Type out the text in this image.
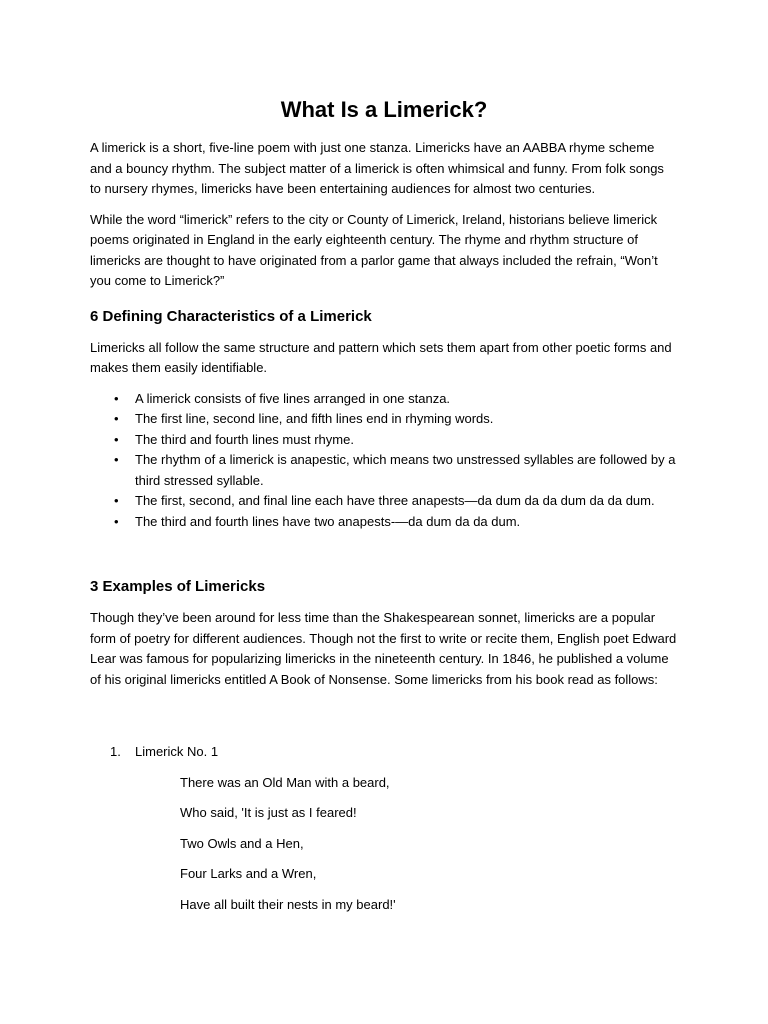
What Is a Limerick?

A limerick is a short, five-line poem with just one stanza. Limericks have an AABBA rhyme scheme and a bouncy rhythm. The subject matter of a limerick is often whimsical and funny. From folk songs to nursery rhymes, limericks have been entertaining audiences for almost two centuries.

While the word “limerick” refers to the city or County of Limerick, Ireland, historians believe limerick poems originated in England in the early eighteenth century. The rhyme and rhythm structure of limericks are thought to have originated from a parlor game that always included the refrain, “Won’t you come to Limerick?”

6 Defining Characteristics of a Limerick

Limericks all follow the same structure and pattern which sets them apart from other poetic forms and makes them easily identifiable.

• A limerick consists of five lines arranged in one stanza.
• The first line, second line, and fifth lines end in rhyming words.
• The third and fourth lines must rhyme.
• The rhythm of a limerick is anapestic, which means two unstressed syllables are followed by a third stressed syllable.
• The first, second, and final line each have three anapests—da dum da da dum da da dum.
• The third and fourth lines have two anapests-—da dum da da dum.
3 Examples of Limericks

Though they’ve been around for less time than the Shakespearean sonnet, limericks are a popular form of poetry for different audiences. Though not the first to write or recite them, English poet Edward Lear was famous for popularizing limericks in the nineteenth century. In 1846, he published a volume of his original limericks entitled A Book of Nonsense. Some limericks from his book read as follows:

1. Limerick No. 1

There was an Old Man with a beard,

Who said, 'It is just as I feared!

Two Owls and a Hen,

Four Larks and a Wren,

Have all built their nests in my beard!'
